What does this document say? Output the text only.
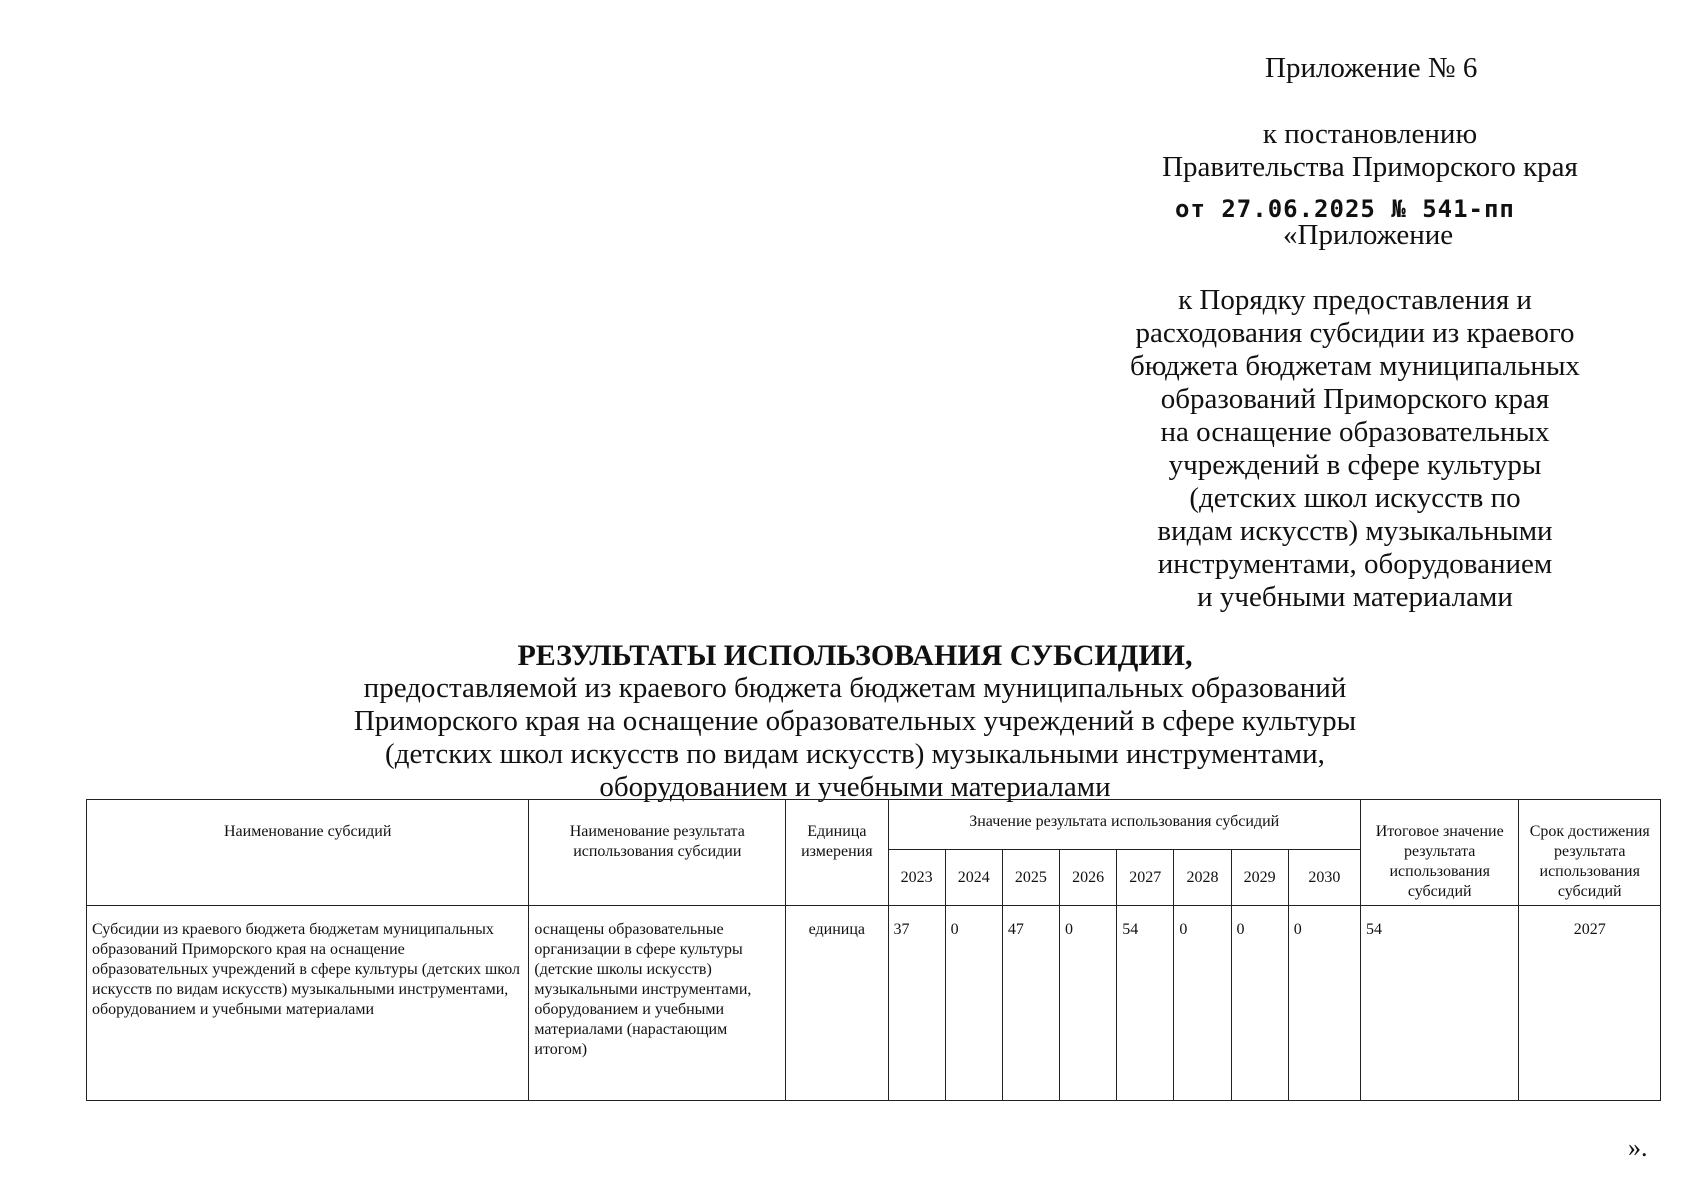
Приложение № 6
к постановлению
Правительства Приморского края
от 27.06.2025 № 541-пп
«Приложение
к Порядку предоставления и
расходования субсидии из краевого
бюджета бюджетам муниципальных
образований Приморского края
на оснащение образовательных
учреждений в сфере культуры
(детских школ искусств по
видам искусств) музыкальными
инструментами, оборудованием
и учебными материалами
РЕЗУЛЬТАТЫ ИСПОЛЬЗОВАНИЯ СУБСИДИИ,
предоставляемой из краевого бюджета бюджетам муниципальных образований
Приморского края на оснащение образовательных учреждений в сфере культуры
(детских школ искусств по видам искусств) музыкальными инструментами,
оборудованием и учебными материалами
Наименование субсидий	Наименование результата использования субсидии	Единица измерения	Значение результата использования субсидий								Итоговое значение результата использования субсидий	Срок достижения результата использования субсидий
			2023	2024	2025	2026	2027	2028	2029	2030		
Субсидии из краевого бюджета бюджетам муниципальных образований Приморского края на оснащение образовательных учреждений в сфере культуры (детских школ искусств по видам искусств) музыкальными инструментами, оборудованием и учебными материалами	оснащены образовательные организации в сфере культуры (детские школы искусств) музыкальными инструментами, оборудованием и учебными материалами (нарастающим итогом)	единица	37	0	47	0	54	0	0	0	54	2027
».
